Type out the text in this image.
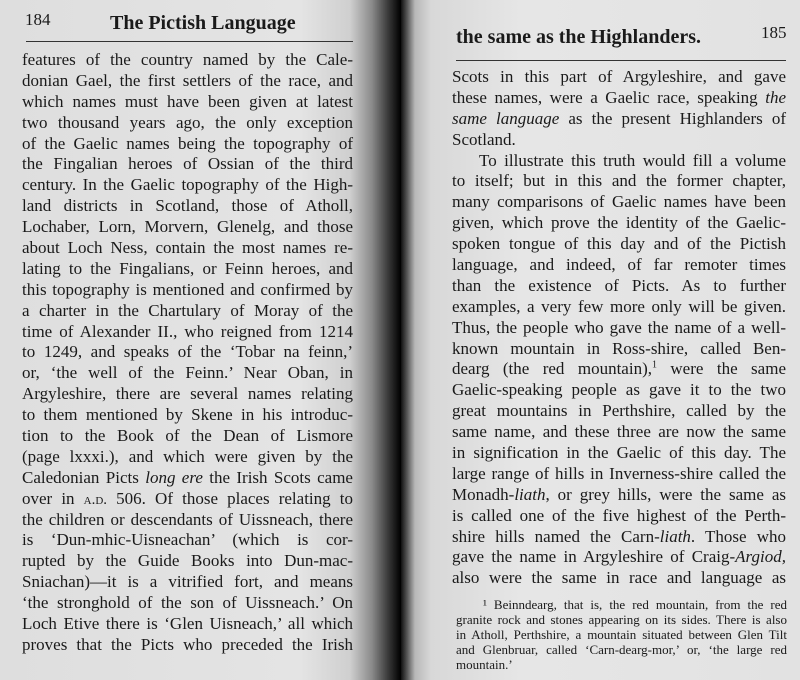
184	The Pictish Language
features of the country named by the Cale-
donian Gael, the first settlers of the race, and
which names must have been given at latest
two thousand years ago, the only exception
of the Gaelic names being the topography of
the Fingalian heroes of Ossian of the third
century. In the Gaelic topography of the High-
land districts in Scotland, those of Atholl,
Lochaber, Lorn, Morvern, Glenelg, and those
about Loch Ness, contain the most names re-
lating to the Fingalians, or Feinn heroes, and
this topography is mentioned and confirmed by
a charter in the Chartulary of Moray of the
time of Alexander II., who reigned from 1214
to 1249, and speaks of the ‘Tobar na feinn,’
or, ‘the well of the Feinn.’ Near Oban, in
Argyleshire, there are several names relating
to them mentioned by Skene in his introduc-
tion to the Book of the Dean of Lismore
(page lxxxi.), and which were given by the
Caledonian Picts long ere the Irish Scots came
over in a.d. 506. Of those places relating to
the children or descendants of Uissneach, there
is ‘Dun-mhic-Uisneachan’ (which is cor-
rupted by the Guide Books into Dun-mac-
Sniachan)—it is a vitrified fort, and means
‘the stronghold of the son of Uissneach.’ On
Loch Etive there is ‘Glen Uisneach,’ all which
proves that the Picts who preceded the Irish
the same as the Highlanders.	185
Scots in this part of Argyleshire, and gave
these names, were a Gaelic race, speaking the
same language as the present Highlanders of
Scotland.
To illustrate this truth would fill a volume
to itself; but in this and the former chapter,
many comparisons of Gaelic names have been
given, which prove the identity of the Gaelic-
spoken tongue of this day and of the Pictish
language, and indeed, of far remoter times
than the existence of Picts. As to further
examples, a very few more only will be given.
Thus, the people who gave the name of a well-
known mountain in Ross-shire, called Ben-
dearg (the red mountain),$^1$ were the same
Gaelic-speaking people as gave it to the two
great mountains in Perthshire, called by the
same name, and these three are now the same
in signification in the Gaelic of this day. The
large range of hills in Inverness-shire called the
Monadh-liath, or grey hills, were the same as
is called one of the five highest of the Perth-
shire hills named the Carn-liath. Those who
gave the name in Argyleshire of Craig-Argiod,
also were the same in race and language as
¹ Beinndearg, that is, the red mountain, from the red
granite rock and stones appearing on its sides. There is also
in Atholl, Perthshire, a mountain situated between Glen Tilt
and Glenbruar, called ‘Carn-dearg-mor,’ or, ‘the large red
mountain.’
